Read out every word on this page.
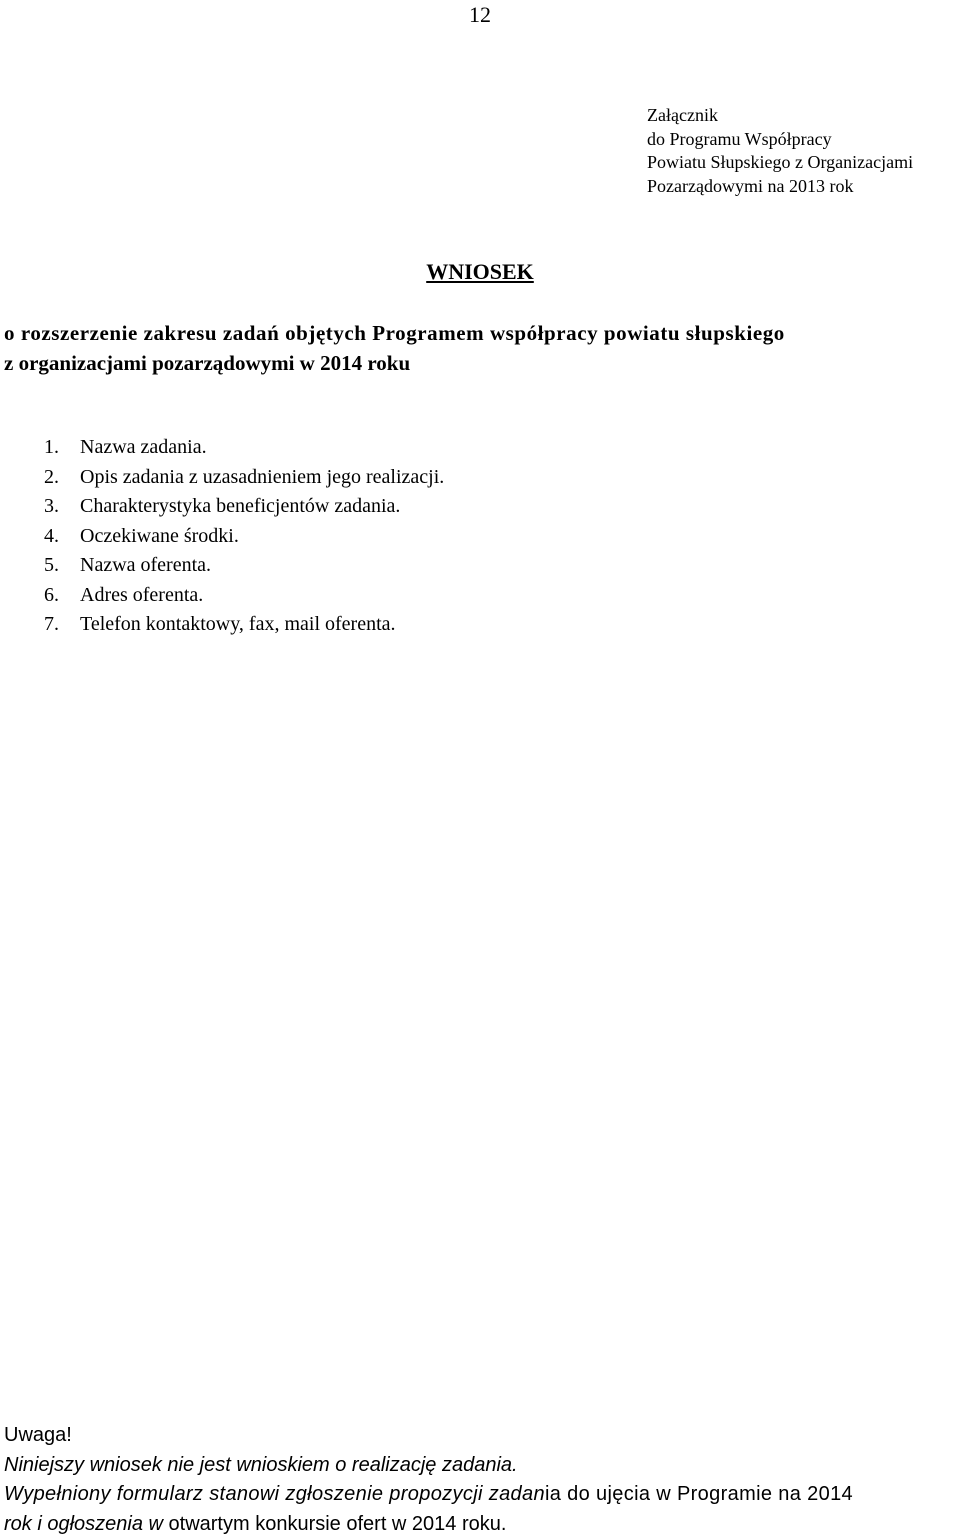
12
Załącznik
do Programu Współpracy
Powiatu Słupskiego z Organizacjami
Pozarządowymi na 2013 rok
WNIOSEK
o rozszerzenie zakresu zadań objętych Programem współpracy powiatu słupskiego
z organizacjami pozarządowymi w 2014 roku
1. Nazwa zadania.
2. Opis zadania z uzasadnieniem jego realizacji.
3. Charakterystyka beneficjentów zadania.
4. Oczekiwane środki.
5. Nazwa oferenta.
6. Adres oferenta.
7. Telefon kontaktowy, fax, mail oferenta.
Uwaga!
Niniejszy wniosek nie jest wnioskiem o realizację zadania.
Wypełniony formularz stanowi zgłoszenie propozycji zadania do ujęcia w Programie na 2014
rok i ogłoszenia w otwartym konkursie ofert w 2014 roku.
